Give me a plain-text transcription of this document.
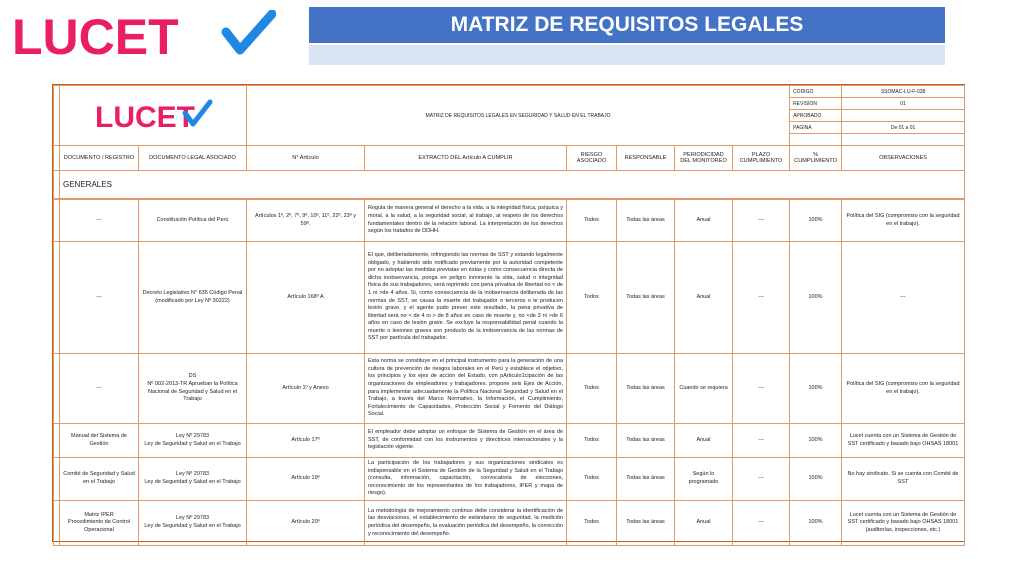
LUCET	MATRIZ DE REQUISITOS LEGALES

LUCET		MATRIZ DE REQUISITOS LEGALES EN SEGURIDAD Y SALUD EN EL TRABAJO						CODIGO	SSOMAC-LU-F-038
									REVISION	01
									APROBADO	
									PAGINA	De 01 a 01

	DOCUMENTO / REGISTRO	DOCUMENTO LEGAL ASOCIADO	N° Artículo	EXTRACTO DEL Artículo A CUMPLIR	RIESGO ASOCIADO	RESPONSABLE	PERIODICIDAD DEL MONITOREO	PLAZO CUMPLIMIENTO	% CUMPLIMIENTO	OBSERVACIONES
	GENERALES									
	---	Constitución Política del Perú	Artículos 1º, 2º, 7º, 9º, 10º, 11º, 22º, 23º y 59º.	Regula de manera general el derecho a la vida, a la integridad física, psíquica y moral, a la salud, a la seguridad social, al trabajo, al respeto de los derechos fundamentales dentro de la relación laboral. La interpretación de los derechos según los tratados de DDHH.	Todos	Todas las áreas	Anual	---	100%	Política del SIG (compromiso con la seguridad en el trabajo).
	---	Decreto Legislativo N° 635 Código Penal (modificado por Ley Nº 30222)	Artículo 168º A	El que, deliberadamente, infringiendo las normas de SST y estando legalmente obligado, y habiendo sido notificado previamente por la autoridad competente por no adoptar las medidas previstas en éstas y como consecuencia directa de dicha inobservancia, ponga en peligro inminente la vida, salud o integridad física de sus trabajadores, será reprimido con pena privativa de libertad no < de 1 ni >de 4 años. Si, como consecuencia de la inobservancia deliberada de las normas de SST, se causa la muerte del trabajador o terceros o le producen lesión grave, y el agente pudo prever este resultado, la pena privativa de libertad será no < de 4 ni > de 8 años en caso de muerte y, no <de 3 ni >de 6 años en caso de lesión grave. Se excluye la responsabilidad penal cuando la muerte o lesiones graves son producto de la inobservancia de las normas de SST por partícula del trabajador.	Todos	Todas las áreas	Anual	---	100%	---
	---	DS
Nº 002-2013-TR Aprueban la Política Nacional de Seguridad y Salud en el Trabajo	Artículo 1º y Anexo	Esta norma se constituye en el principal instrumento para la generación de una cultura de prevención de riesgos laborales en el Perú y establece el objetivo, los principios y los ejes de acción del Estado, con pArticulo1cipación de las organizaciones de empleadores y trabajadores. propone seis Ejes de Acción, para implementar adecuadamente la Política Nacional Seguridad y Salud en el Trabajo, a través del Marco Normativo, la Información, el Cumplimiento, Fortalecimiento de Capacidades, Protección Social y Fomento del Diálogo Social.	Todos	Todas las áreas	Cuando se requiera	---	100%	Política del SIG (compromiso con la seguridad en el trabajo).
	Manual del Sistema de Gestión	Ley Nº 29783
Ley de Seguridad y Salud en el Trabajo	Artículo 17º	El empleador debe adoptar un enfoque de Sistema de Gestión en el área de SST, de conformidad con los instrumentos y directrices internacionales y la legislación vigente.	Todos	Todas las áreas	Anual	---	100%	Lucet cuenta con un Sistema de Gestión de SST certificado y basado bajo OHSAS 18001
	Comité de Seguridad y Salud en el Trabajo	Ley Nº 29783
Ley de Seguridad y Salud en el Trabajo	Artículo 19º	La participación de los trabajadores y sus organizaciones sindicales es indispensable en el Sistema de Gestión de la Seguridad y Salud en el Trabajo (consulta, información, capacitación, convocatoria de elecciones, reconocimiento de los representantes de los trabajadores, IPER y mapa de riesgo).	Todos	Todas las áreas	Según lo programado	---	100%	No hay sindicato. Si se cuenta con Comité de SST
	Matriz IPER
Procedimiento de Control Operacional	Ley Nº 29783
Ley de Seguridad y Salud en el Trabajo	Artículo 20º	La metodología de mejoramiento continuo debe considerar la identificación de las desviaciones, el establecimiento de estándares de seguridad, la medición periódica del desempeño, la evaluación periódica del desempeño, la corrección y reconocimiento del desempeño.	Todos	Todas las áreas	Anual	---	100%	Lucet cuenta con un Sistema de Gestión de SST certificado y basado bajo OHSAS 18001 (auditorías, inspecciones, etc.)
